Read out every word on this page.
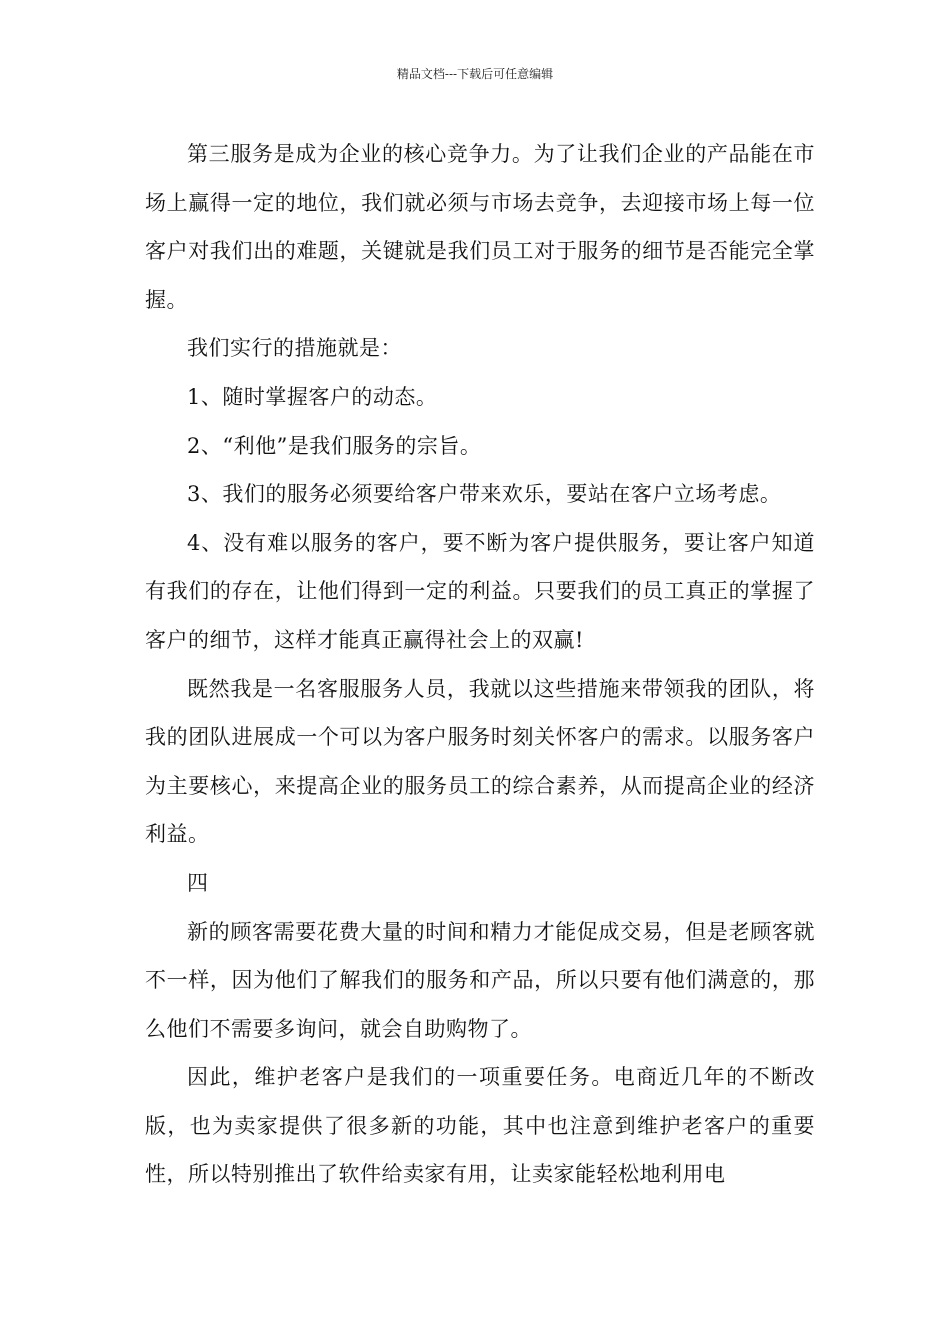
精品文档---下载后可任意编辑

第三服务是成为企业的核心竞争力。为了让我们企业的产品能在市场上赢得一定的地位，我们就必须与市场去竞争，去迎接市场上每一位客户对我们出的难题，关键就是我们员工对于服务的细节是否能完全掌握。

我们实行的措施就是：

1、随时掌握客户的动态。

2、“利他”是我们服务的宗旨。

3、我们的服务必须要给客户带来欢乐，要站在客户立场考虑。

4、没有难以服务的客户，要不断为客户提供服务，要让客户知道有我们的存在，让他们得到一定的利益。只要我们的员工真正的掌握了客户的细节，这样才能真正赢得社会上的双赢!

既然我是一名客服服务人员，我就以这些措施来带领我的团队，将我的团队进展成一个可以为客户服务时刻关怀客户的需求。以服务客户为主要核心，来提高企业的服务员工的综合素养，从而提高企业的经济利益。

四

新的顾客需要花费大量的时间和精力才能促成交易，但是老顾客就不一样，因为他们了解我们的服务和产品，所以只要有他们满意的，那么他们不需要多询问，就会自助购物了。

因此，维护老客户是我们的一项重要任务。电商近几年的不断改版，也为卖家提供了很多新的功能，其中也注意到维护老客户的重要性，所以特别推出了软件给卖家有用，让卖家能轻松地利用电
